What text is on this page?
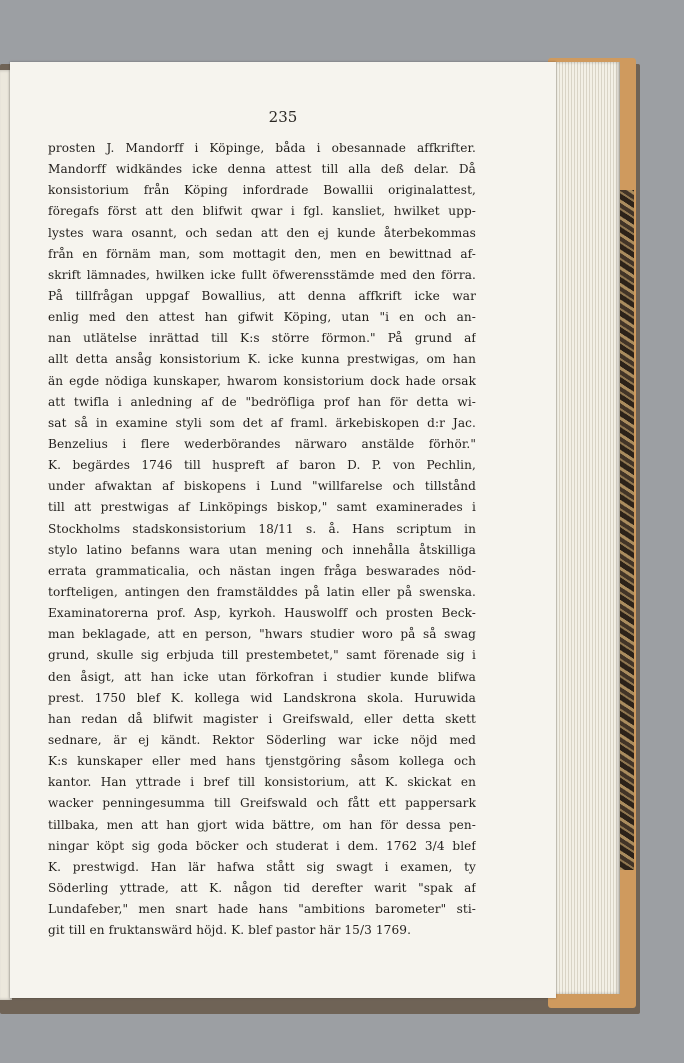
235
prosten J. Mandorff i Köpinge, båda i obesannade affkrifter.
Mandorff widkändes icke denna attest till alla deß delar. Då
konsistorium från Köping infordrade Bowallii originalattest,
föregafs först att den blifwit qwar i fgl. kansliet, hwilket upp-
lystes wara osannt, och sedan att den ej kunde återbekommas
från en förnäm man, som mottagit den, men en bewittnad af-
skrift lämnades, hwilken icke fullt öfwerensstämde med den förra.
På tillfrågan uppgaf Bowallius, att denna affkrift icke war
enlig med den attest han gifwit Köping, utan "i en och an-
nan utlätelse inrättad till K:s större förmon." På grund af
allt detta ansåg konsistorium K. icke kunna prestwigas, om han
än egde nödiga kunskaper, hwarom konsistorium dock hade orsak
att twifla i anledning af de "bedröfliga prof han för detta wi-
sat så in examine styli som det af framl. ärkebiskopen d:r Jac.
Benzelius i flere wederbörandes närwaro anstälde förhör."
K. begärdes 1746 till huspreft af baron D. P. von Pechlin,
under afwaktan af biskopens i Lund "willfarelse och tillstånd
till att prestwigas af Linköpings biskop," samt examinerades i
Stockholms stadskonsistorium 18/11 s. å. Hans scriptum in
stylo latino befanns wara utan mening och innehålla åtskilliga
errata grammaticalia, och nästan ingen fråga beswarades nöd-
torfteligen, antingen den framstälddes på latin eller på swenska.
Examinatorerna prof. Asp, kyrkoh. Hauswolff och prosten Beck-
man beklagade, att en person, "hwars studier woro på så swag
grund, skulle sig erbjuda till prestembetet," samt förenade sig i
den åsigt, att han icke utan förkofran i studier kunde blifwa
prest. 1750 blef K. kollega wid Landskrona skola. Huruwida
han redan då blifwit magister i Greifswald, eller detta skett
sednare, är ej kändt. Rektor Söderling war icke nöjd med
K:s kunskaper eller med hans tjenstgöring såsom kollega och
kantor. Han yttrade i bref till konsistorium, att K. skickat en
wacker penningesumma till Greifswald och fått ett pappersark
tillbaka, men att han gjort wida bättre, om han för dessa pen-
ningar köpt sig goda böcker och studerat i dem. 1762 3/4 blef
K. prestwigd. Han lär hafwa stått sig swagt i examen, ty
Söderling yttrade, att K. någon tid derefter warit "spak af
Lundafeber," men snart hade hans "ambitions barometer" sti-
git till en fruktanswärd höjd. K. blef pastor här 15/3 1769.
